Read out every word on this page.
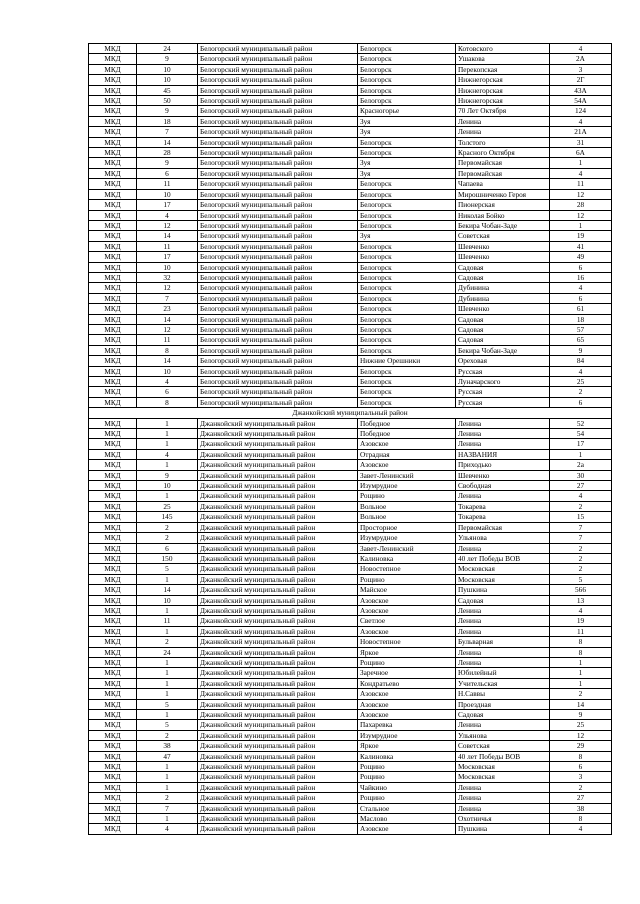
МКД	24	Белогорский муниципальный район	Белогорск	Котовского	4
МКД	9	Белогорский муниципальный район	Белогорск	Ушакова	2А
МКД	10	Белогорский муниципальный район	Белогорск	Перекопская	3
МКД	10	Белогорский муниципальный район	Белогорск	Нижнегорская	2Г
МКД	45	Белогорский муниципальный район	Белогорск	Нижнегорская	43А
МКД	50	Белогорский муниципальный район	Белогорск	Нижнегорская	54А
МКД	9	Белогорский муниципальный район	Красногорье	70 Лет Октября	124
МКД	18	Белогорский муниципальный район	Зуя	Ленина	4
МКД	7	Белогорский муниципальный район	Зуя	Ленина	21А
МКД	14	Белогорский муниципальный район	Белогорск	Толстого	31
МКД	28	Белогорский муниципальный район	Белогорск	Красного Октября	6А
МКД	9	Белогорский муниципальный район	Зуя	Первомайская	1
МКД	6	Белогорский муниципальный район	Зуя	Первомайская	4
МКД	11	Белогорский муниципальный район	Белогорск	Чапаева	11
МКД	10	Белогорский муниципальный район	Белогорск	Мирошниченко Героя	12
МКД	17	Белогорский муниципальный район	Белогорск	Пионерская	28
МКД	4	Белогорский муниципальный район	Белогорск	Николая Бойко	12
МКД	12	Белогорский муниципальный район	Белогорск	Бекира Чобан-Заде	1
МКД	14	Белогорский муниципальный район	Зуя	Советская	19
МКД	11	Белогорский муниципальный район	Белогорск	Шевченко	41
МКД	17	Белогорский муниципальный район	Белогорск	Шевченко	49
МКД	10	Белогорский муниципальный район	Белогорск	Садовая	6
МКД	32	Белогорский муниципальный район	Белогорск	Садовая	16
МКД	12	Белогорский муниципальный район	Белогорск	Дубинина	4
МКД	7	Белогорский муниципальный район	Белогорск	Дубинина	6
МКД	23	Белогорский муниципальный район	Белогорск	Шевченко	61
МКД	14	Белогорский муниципальный район	Белогорск	Садовая	18
МКД	12	Белогорский муниципальный район	Белогорск	Садовая	57
МКД	11	Белогорский муниципальный район	Белогорск	Садовая	65
МКД	8	Белогорский муниципальный район	Белогорск	Бекира Чобан-Заде	9
МКД	14	Белогорский муниципальный район	Нижние Орешники	Ореховая	84
МКД	10	Белогорский муниципальный район	Белогорск	Русская	4
МКД	4	Белогорский муниципальный район	Белогорск	Луначарского	25
МКД	6	Белогорский муниципальный район	Белогорск	Русская	2
МКД	8	Белогорский муниципальный район	Белогорск	Русская	6
Джанкойский муниципальный район					
МКД	1	Джанкойский муниципальный район	Победное	Ленина	52
МКД	1	Джанкойский муниципальный район	Победное	Ленина	54
МКД	1	Джанкойский муниципальный район	Азовское	Ленина	17
МКД	4	Джанкойский муниципальный район	Отрадная	НАЗВАНИЯ	1
МКД	1	Джанкойский муниципальный район	Азовское	Приходько	2а
МКД	9	Джанкойский муниципальный район	Завет-Ленинский	Шевченко	30
МКД	10	Джанкойский муниципальный район	Изумрудное	Свободная	27
МКД	1	Джанкойский муниципальный район	Рощино	Ленина	4
МКД	25	Джанкойский муниципальный район	Вольное	Токарева	2
МКД	145	Джанкойский муниципальный район	Вольное	Токарева	15
МКД	2	Джанкойский муниципальный район	Просторное	Первомайская	7
МКД	2	Джанкойский муниципальный район	Изумрудное	Ульянова	7
МКД	6	Джанкойский муниципальный район	Завет-Ленинский	Ленина	2
МКД	150	Джанкойский муниципальный район	Калиновка	40 лет Победы ВОВ	2
МКД	5	Джанкойский муниципальный район	Новостепное	Московская	2
МКД	1	Джанкойский муниципальный район	Рощино	Московская	5
МКД	14	Джанкойский муниципальный район	Майское	Пушкина	566
МКД	10	Джанкойский муниципальный район	Азовское	Садовая	13
МКД	1	Джанкойский муниципальный район	Азовское	Ленина	4
МКД	11	Джанкойский муниципальный район	Светлое	Ленина	19
МКД	1	Джанкойский муниципальный район	Азовское	Ленина	11
МКД	2	Джанкойский муниципальный район	Новостепное	Бульварная	8
МКД	24	Джанкойский муниципальный район	Яркое	Ленина	8
МКД	1	Джанкойский муниципальный район	Рощино	Ленина	1
МКД	1	Джанкойский муниципальный район	Заречное	Юбилейный	1
МКД	1	Джанкойский муниципальный район	Кондратьево	Учительская	1
МКД	1	Джанкойский муниципальный район	Азовское	Н.Саввы	2
МКД	5	Джанкойский муниципальный район	Азовское	Проездная	14
МКД	1	Джанкойский муниципальный район	Азовское	Садовая	9
МКД	5	Джанкойский муниципальный район	Пахаревка	Ленина	25
МКД	2	Джанкойский муниципальный район	Изумрудное	Ульянова	12
МКД	38	Джанкойский муниципальный район	Яркое	Советская	29
МКД	47	Джанкойский муниципальный район	Калиновка	40 лет Победы ВОВ	8
МКД	1	Джанкойский муниципальный район	Рощино	Московская	6
МКД	1	Джанкойский муниципальный район	Рощино	Московская	3
МКД	1	Джанкойский муниципальный район	Чайкино	Ленина	2
МКД	2	Джанкойский муниципальный район	Рощино	Ленина	27
МКД	7	Джанкойский муниципальный район	Стальное	Ленина	38
МКД	1	Джанкойский муниципальный район	Маслово	Охотничья	8
МКД	4	Джанкойский муниципальный район	Азовское	Пушкина	4
